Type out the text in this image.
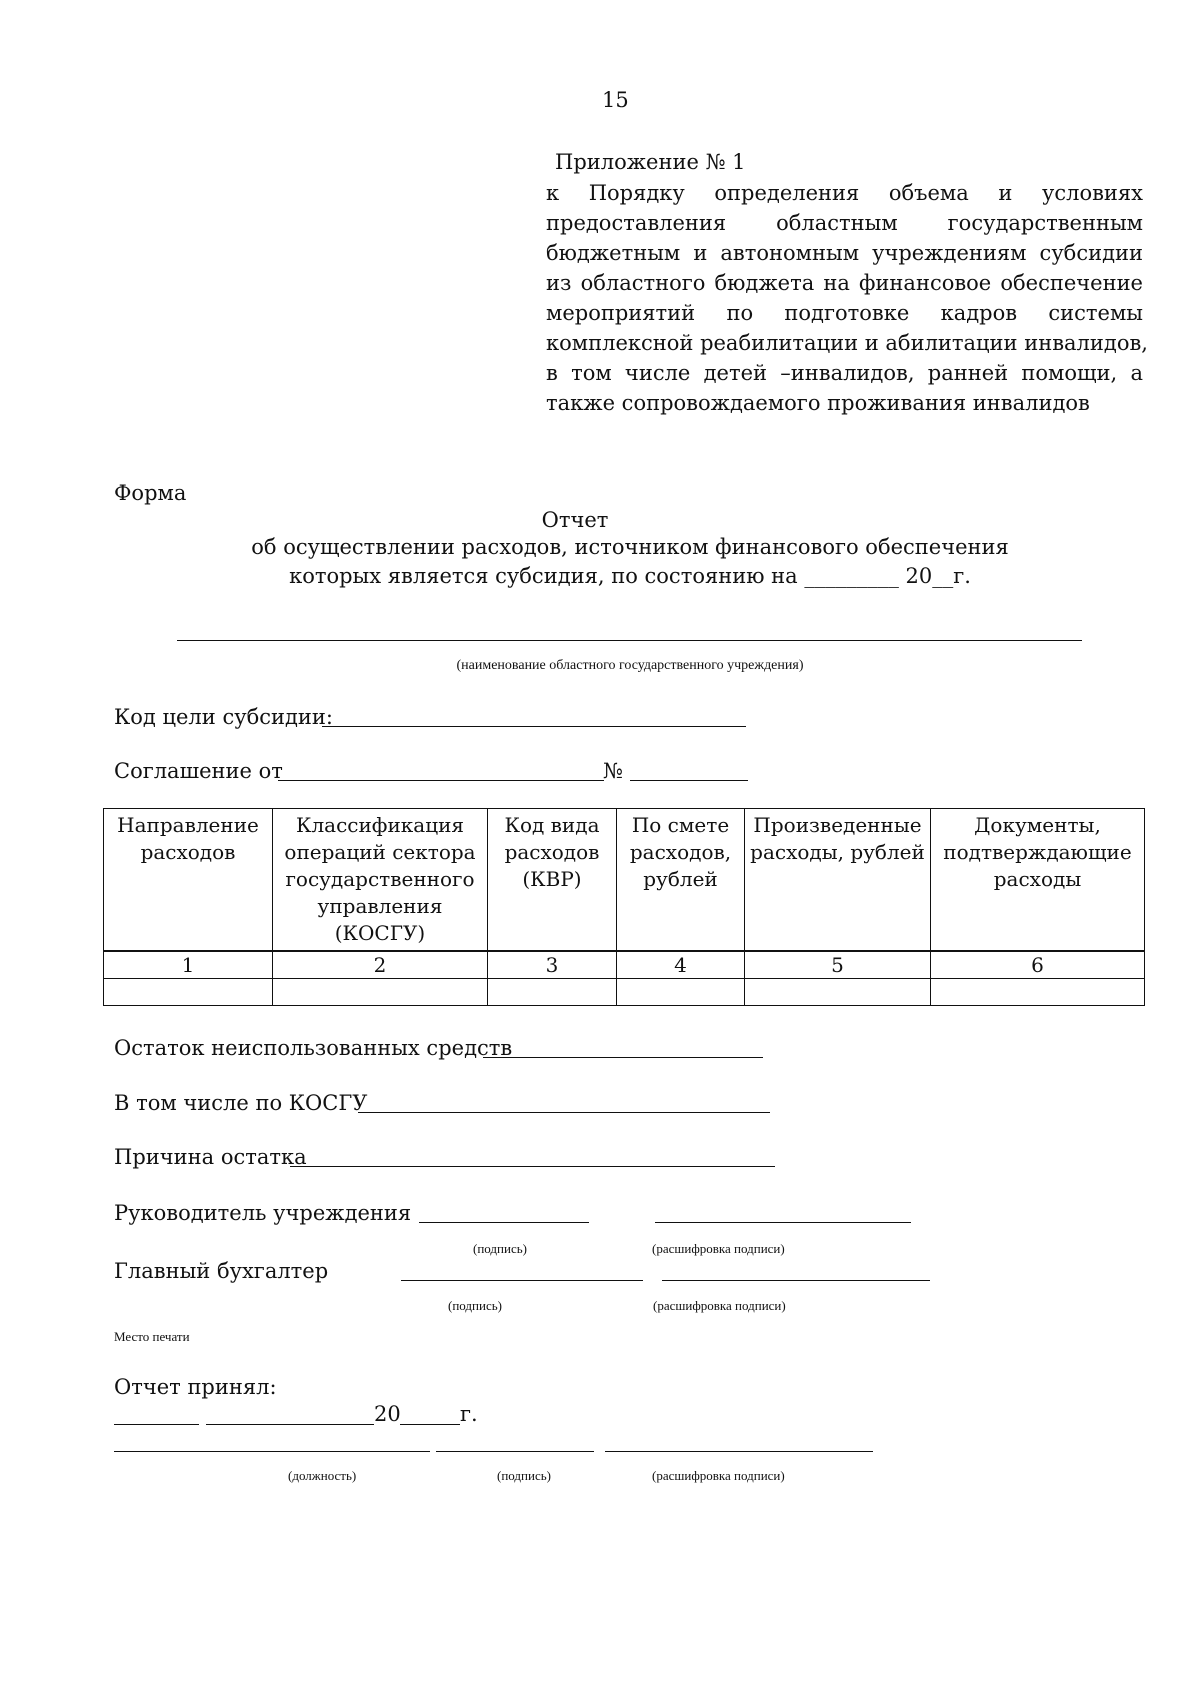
15
Приложение № 1
к Порядку определения объема и условиях
предоставления областным государственным
бюджетным и автономным учреждениям субсидии
из областного бюджета на финансовое обеспечение
мероприятий по подготовке кадров системы
комплексной реабилитации и абилитации инвалидов,
в том числе детей –инвалидов, ранней помощи, а
также сопровождаемого проживания инвалидов
Форма
Отчет
об осуществлении расходов, источником финансового обеспечения
которых является субсидия, по состоянию на _________ 20__г.
(наименование областного государственного учреждения)
Код цели субсидии:
Соглашение от	№
Направление расходов	Классификация операций сектора государственного управления (КОСГУ)	Код вида расходов (КВР)	По смете расходов, рублей	Произведенные расходы, рублей	Документы, подтверждающие расходы
1	2	3	4	5	6

Остаток неиспользованных средств
В том числе по КОСГУ
Причина остатка
Руководитель учреждения
(подпись)	(расшифровка подписи)
Главный бухгалтер
(подпись)	(расшифровка подписи)
Место печати
Отчет принял:
20	г.
(должность)	(подпись)	(расшифровка подписи)
